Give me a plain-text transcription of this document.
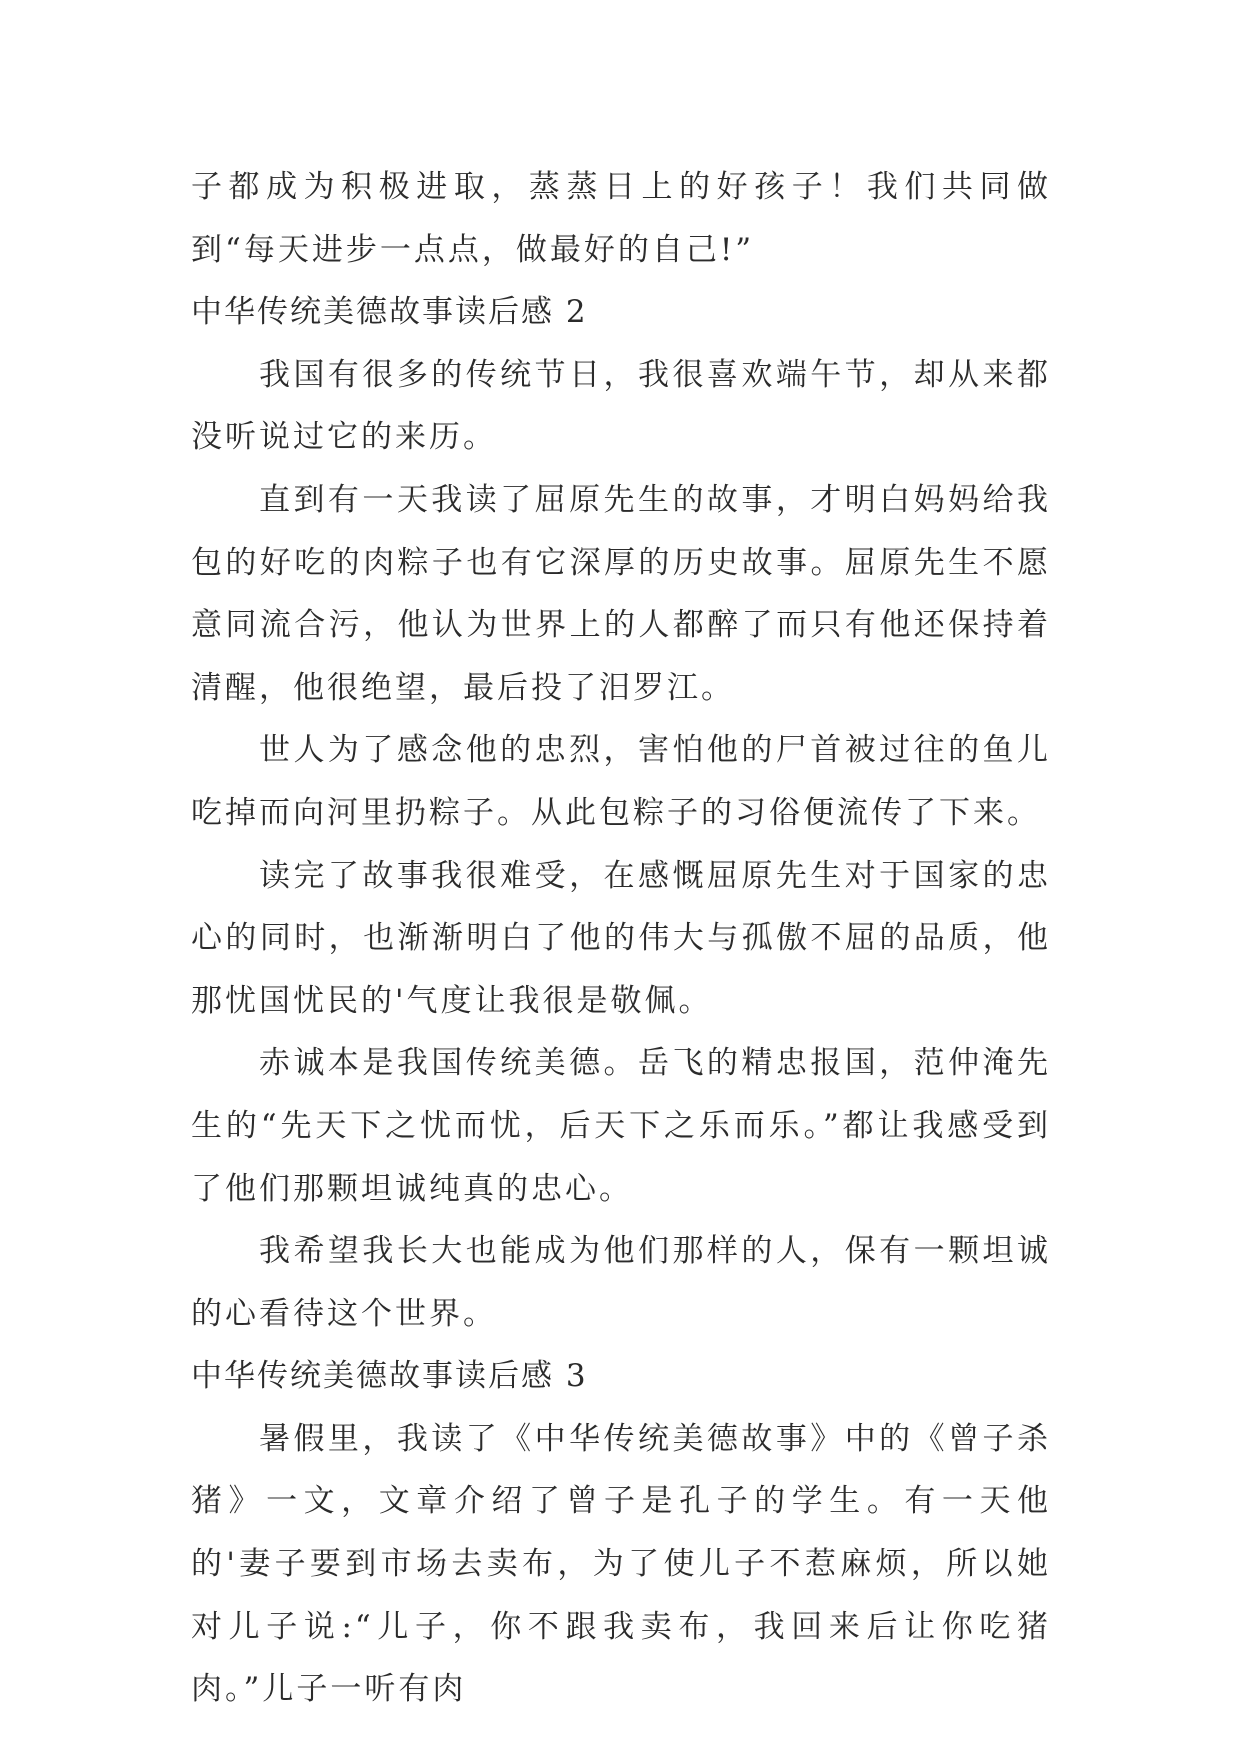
子都成为积极进取，蒸蒸日上的好孩子！我们共同做到“每天进步一点点，做最好的自己!”

中华传统美德故事读后感 2

我国有很多的传统节日，我很喜欢端午节，却从来都没听说过它的来历。

直到有一天我读了屈原先生的故事，才明白妈妈给我包的好吃的肉粽子也有它深厚的历史故事。屈原先生不愿意同流合污，他认为世界上的人都醉了而只有他还保持着清醒，他很绝望，最后投了汨罗江。

世人为了感念他的忠烈，害怕他的尸首被过往的鱼儿吃掉而向河里扔粽子。从此包粽子的习俗便流传了下来。

读完了故事我很难受，在感慨屈原先生对于国家的忠心的同时，也渐渐明白了他的伟大与孤傲不屈的品质，他那忧国忧民的'气度让我很是敬佩。

赤诚本是我国传统美德。岳飞的精忠报国，范仲淹先生的“先天下之忧而忧，后天下之乐而乐。”都让我感受到了他们那颗坦诚纯真的忠心。

我希望我长大也能成为他们那样的人，保有一颗坦诚的心看待这个世界。

中华传统美德故事读后感 3

暑假里，我读了《中华传统美德故事》中的《曾子杀猪》一文，文章介绍了曾子是孔子的学生。有一天他的'妻子要到市场去卖布，为了使儿子不惹麻烦，所以她对儿子说:“儿子，你不跟我卖布，我回来后让你吃猪肉。”儿子一听有肉
